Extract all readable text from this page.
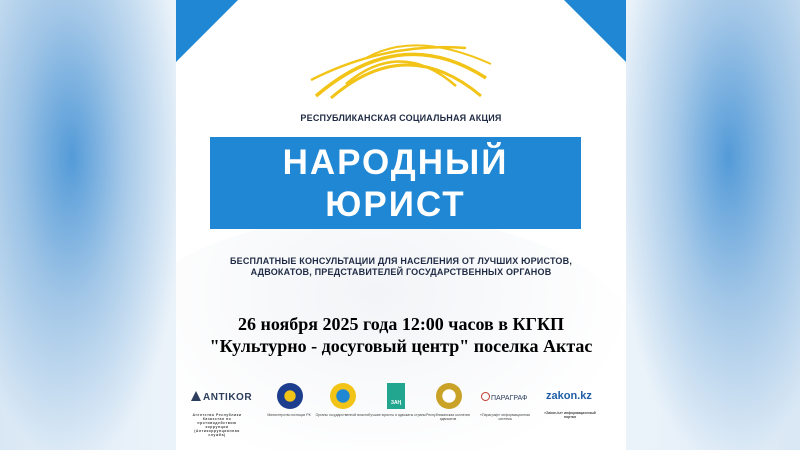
РЕСПУБЛИКАНСКАЯ СОЦИАЛЬНАЯ АКЦИЯ
НАРОДНЫЙ
ЮРИСТ
БЕСПЛАТНЫЕ КОНСУЛЬТАЦИИ ДЛЯ НАСЕЛЕНИЯ ОТ ЛУЧШИХ ЮРИСТОВ,
АДВОКАТОВ, ПРЕДСТАВИТЕЛЕЙ ГОСУДАРСТВЕННЫХ ОРГАНОВ
26 ноября 2025 года 12:00 часов в КГКП
"Культурно - досуговый центр" поселка Актас
ANTIKOR
Агентство Республики Казахстан по противодействию коррупции (Антикоррупционная служба)
Министерство юстиции РК	Органы государственной власти
ЗАҢ
Лучшие юристы и адвокаты страны Республиканская коллегия адвокатов
ПАРАГРАФ
«Параграф» информационная система
zakon.kz
«Zakon.kz» информационный портал
